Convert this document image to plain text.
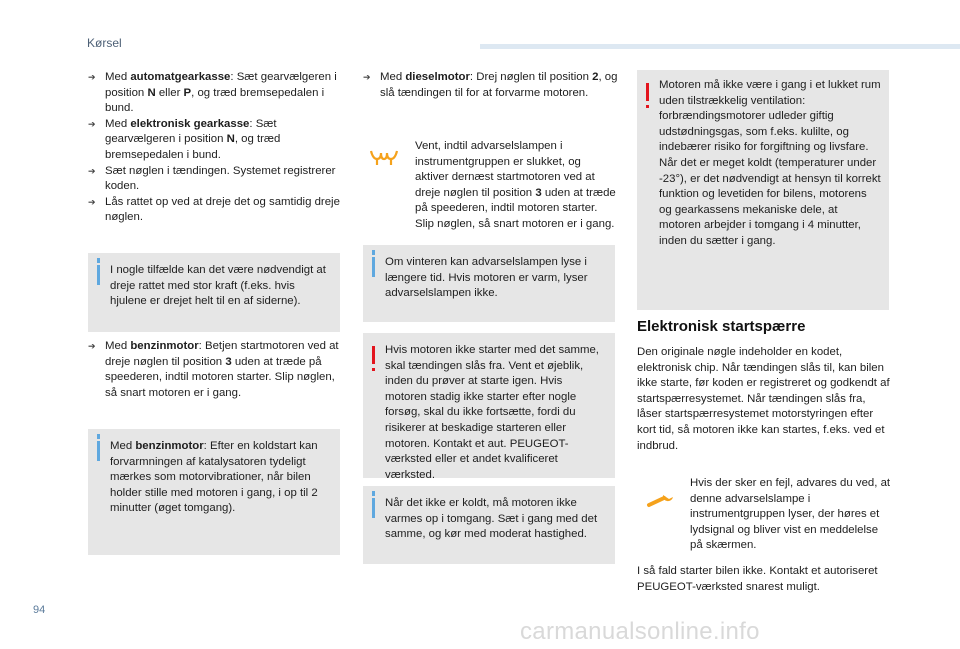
Kørsel
➔ Med automatgearkasse: Sæt gearvælgeren i position N eller P, og træd bremsepedalen i bund.
➔ Med elektronisk gearkasse: Sæt gearvælgeren i position N, og træd bremsepedalen i bund.
➔ Sæt nøglen i tændingen. Systemet registrerer koden.
➔ Lås rattet op ved at dreje det og samtidig dreje nøglen.
I nogle tilfælde kan det være nødvendigt at dreje rattet med stor kraft (f.eks. hvis hjulene er drejet helt til en af siderne).
➔ Med benzinmotor: Betjen startmotoren ved at dreje nøglen til position 3 uden at træde på speederen, indtil motoren starter. Slip nøglen, så snart motoren er i gang.
Med benzinmotor: Efter en koldstart kan forvarmningen af katalysatoren tydeligt mærkes som motorvibrationer, når bilen holder stille med motoren i gang, i op til 2 minutter (øget tomgang).
➔ Med dieselmotor: Drej nøglen til position 2, og slå tændingen til for at forvarme motoren.
Vent, indtil advarselslampen i instrumentgruppen er slukket, og aktiver dernæst startmotoren ved at dreje nøglen til position 3 uden at træde på speederen, indtil motoren starter. Slip nøglen, så snart motoren er i gang.
Om vinteren kan advarselslampen lyse i længere tid. Hvis motoren er varm, lyser advarselslampen ikke.
Hvis motoren ikke starter med det samme, skal tændingen slås fra. Vent et øjeblik, inden du prøver at starte igen. Hvis motoren stadig ikke starter efter nogle forsøg, skal du ikke fortsætte, fordi du risikerer at beskadige starteren eller motoren. Kontakt et aut. PEUGEOT-værksted eller et andet kvalificeret værksted.
Når det ikke er koldt, må motoren ikke varmes op i tomgang. Sæt i gang med det samme, og kør med moderat hastighed.
Motoren må ikke være i gang i et lukket rum uden tilstrækkelig ventilation: forbrændingsmotorer udleder giftig udstødningsgas, som f.eks. kulilte, og indebærer risiko for forgiftning og livsfare. Når det er meget koldt (temperaturer under -23°), er det nødvendigt at hensyn til korrekt funktion og levetiden for bilens, motorens og gearkassens mekaniske dele, at motoren arbejder i tomgang i 4 minutter, inden du sætter i gang.
Elektronisk startspærre
Den originale nøgle indeholder en kodet, elektronisk chip. Når tændingen slås til, kan bilen ikke starte, før koden er registreret og godkendt af startspærresystemet. Når tændingen slås fra, låser startspærresystemet motorstyringen efter kort tid, så motoren ikke kan startes, f.eks. ved et indbrud.
Hvis der sker en fejl, advares du ved, at denne advarselslampe i instrumentgruppen lyser, der høres et lydsignal og bliver vist en meddelelse på skærmen.
I så fald starter bilen ikke. Kontakt et autoriseret PEUGEOT-værksted snarest muligt.
94
carmanualsonline.info
